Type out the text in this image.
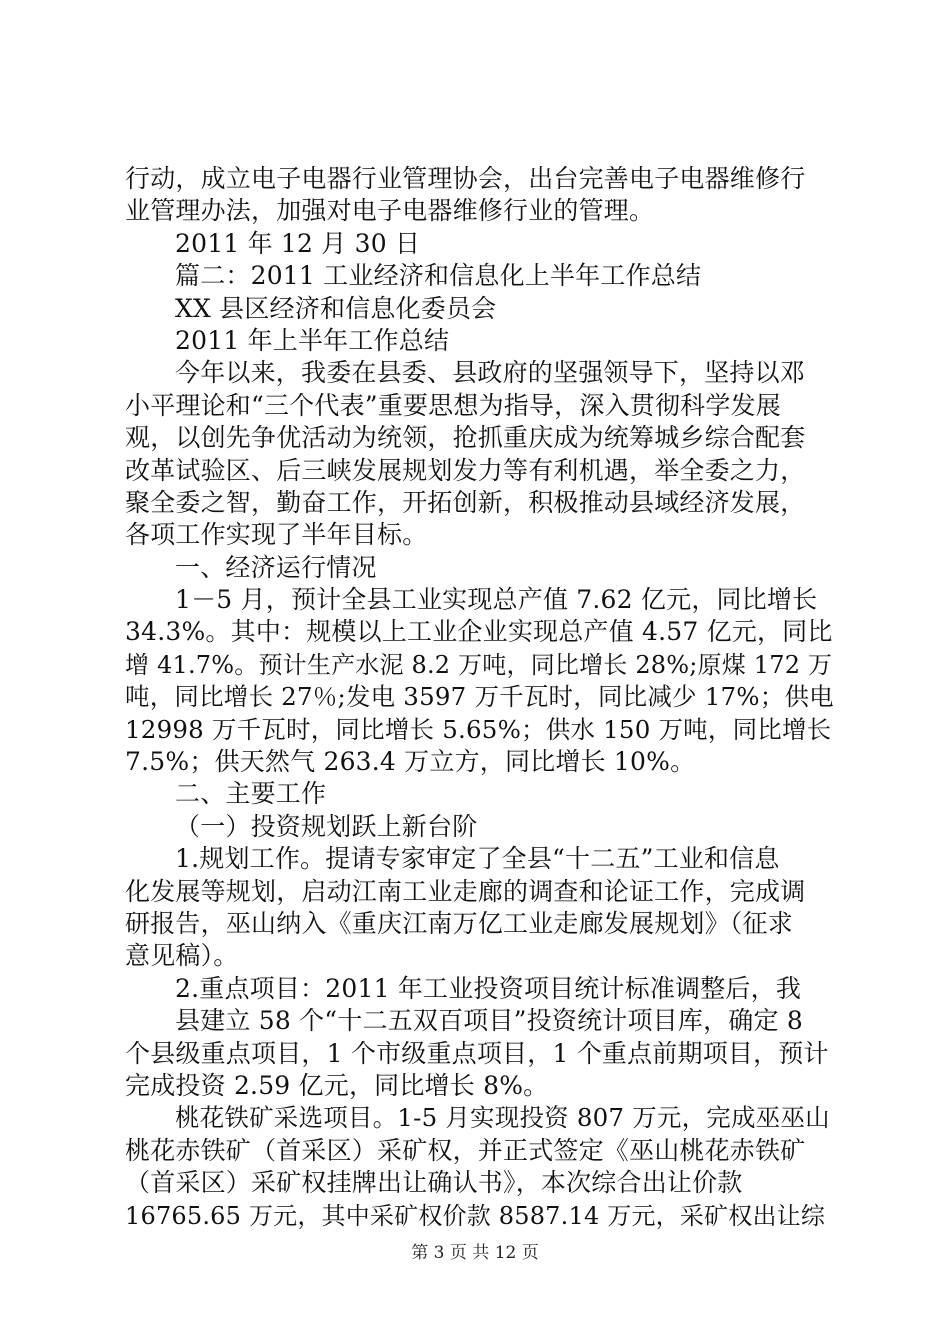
行动，成立电子电器行业管理协会，出台完善电子电器维修行
业管理办法，加强对电子电器维修行业的管理。
2011 年 12 月 30 日
篇二：2011 工业经济和信息化上半年工作总结
XX 县区经济和信息化委员会
2011 年上半年工作总结
今年以来，我委在县委、县政府的坚强领导下，坚持以邓
小平理论和“三个代表”重要思想为指导，深入贯彻科学发展
观，以创先争优活动为统领，抢抓重庆成为统筹城乡综合配套
改革试验区、后三峡发展规划发力等有利机遇，举全委之力，
聚全委之智，勤奋工作，开拓创新，积极推动县域经济发展，
各项工作实现了半年目标。
一、经济运行情况
1－5 月，预计全县工业实现总产值 7.62 亿元，同比增长
34.3%。其中：规模以上工业企业实现总产值 4.57 亿元，同比
增 41.7%。预计生产水泥 8.2 万吨，同比增长 28%;原煤 172 万
吨，同比增长 27％;发电 3597 万千瓦时，同比减少 17%；供电
12998 万千瓦时，同比增长 5.65%；供水 150 万吨，同比增长
7.5%；供天然气 263.4 万立方，同比增长 10%。
二、主要工作
（一）投资规划跃上新台阶
1.规划工作。提请专家审定了全县“十二五”工业和信息
化发展等规划，启动江南工业走廊的调查和论证工作，完成调
研报告，巫山纳入《重庆江南万亿工业走廊发展规划》（征求
意见稿）。
2.重点项目：2011 年工业投资项目统计标准调整后，我
县建立 58 个“十二五双百项目”投资统计项目库，确定 8
个县级重点项目，1 个市级重点项目，1 个重点前期项目，预计
完成投资 2.59 亿元，同比增长 8%。
桃花铁矿采选项目。1-5 月实现投资 807 万元，完成巫巫山
桃花赤铁矿（首采区）采矿权，并正式签定《巫山桃花赤铁矿
（首采区）采矿权挂牌出让确认书》，本次综合出让价款
16765.65 万元，其中采矿权价款 8587.14 万元，采矿权出让综
第 3 页 共 12 页
